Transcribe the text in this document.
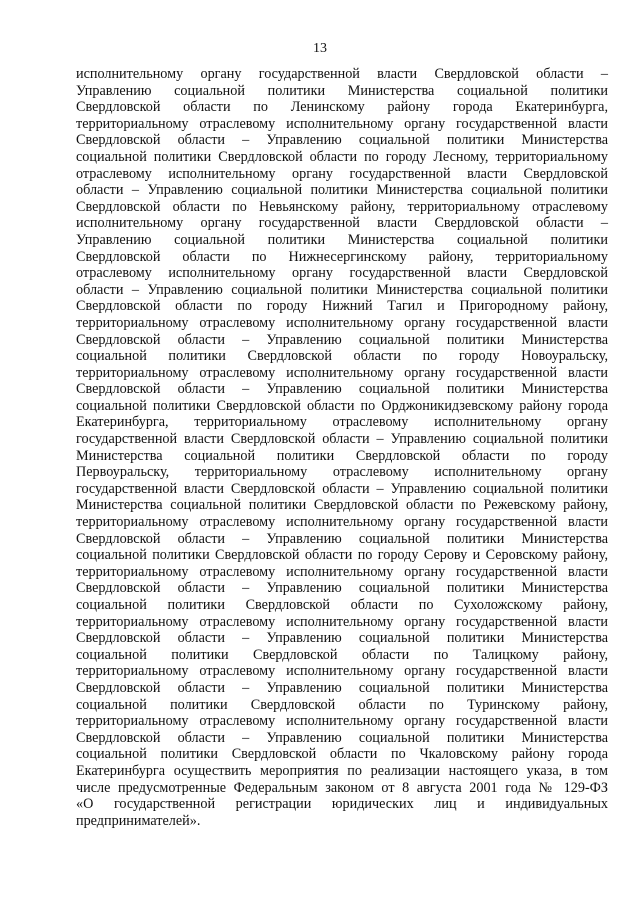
13
исполнительному органу государственной власти Свердловской области –
Управлению социальной политики Министерства социальной политики
Свердловской области по Ленинскому району города Екатеринбурга,
территориальному отраслевому исполнительному органу государственной власти
Свердловской области – Управлению социальной политики Министерства
социальной политики Свердловской области по городу Лесному, территориальному
отраслевому исполнительному органу государственной власти Свердловской
области – Управлению социальной политики Министерства социальной политики
Свердловской области по Невьянскому району, территориальному отраслевому
исполнительному органу государственной власти Свердловской области –
Управлению социальной политики Министерства социальной политики
Свердловской области по Нижнесергинскому району, территориальному
отраслевому исполнительному органу государственной власти Свердловской
области – Управлению социальной политики Министерства социальной политики
Свердловской области по городу Нижний Тагил и Пригородному району,
территориальному отраслевому исполнительному органу государственной власти
Свердловской области – Управлению социальной политики Министерства
социальной политики Свердловской области по городу Новоуральску,
территориальному отраслевому исполнительному органу государственной власти
Свердловской области – Управлению социальной политики Министерства
социальной политики Свердловской области по Орджоникидзевскому району города
Екатеринбурга, территориальному отраслевому исполнительному органу
государственной власти Свердловской области – Управлению социальной политики
Министерства социальной политики Свердловской области по городу
Первоуральску, территориальному отраслевому исполнительному органу
государственной власти Свердловской области – Управлению социальной политики
Министерства социальной политики Свердловской области по Режевскому району,
территориальному отраслевому исполнительному органу государственной власти
Свердловской области – Управлению социальной политики Министерства
социальной политики Свердловской области по городу Серову и Серовскому району,
территориальному отраслевому исполнительному органу государственной власти
Свердловской области – Управлению социальной политики Министерства
социальной политики Свердловской области по Сухоложскому району,
территориальному отраслевому исполнительному органу государственной власти
Свердловской области – Управлению социальной политики Министерства
социальной политики Свердловской области по Талицкому району,
территориальному отраслевому исполнительному органу государственной власти
Свердловской области – Управлению социальной политики Министерства
социальной политики Свердловской области по Туринскому району,
территориальному отраслевому исполнительному органу государственной власти
Свердловской области – Управлению социальной политики Министерства
социальной политики Свердловской области по Чкаловскому району города
Екатеринбурга осуществить мероприятия по реализации настоящего указа, в том
числе предусмотренные Федеральным законом от 8 августа 2001 года № 129-ФЗ
«О государственной регистрации юридических лиц и индивидуальных
предпринимателей».
